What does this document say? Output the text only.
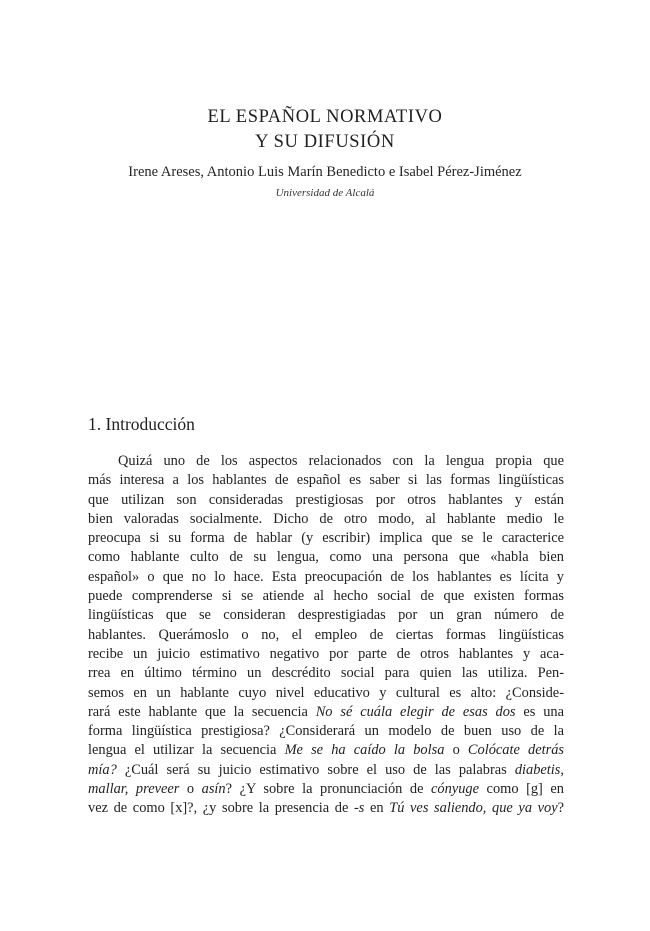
EL ESPAÑOL NORMATIVO
Y SU DIFUSIÓN
Irene Areses, Antonio Luis Marín Benedicto e Isabel Pérez-Jiménez
Universidad de Alcalá
1. Introducción
Quizá uno de los aspectos relacionados con la lengua propia que
más interesa a los hablantes de español es saber si las formas lingüísticas
que utilizan son consideradas prestigiosas por otros hablantes y están
bien valoradas socialmente. Dicho de otro modo, al hablante medio le
preocupa si su forma de hablar (y escribir) implica que se le caracterice
como hablante culto de su lengua, como una persona que «habla bien
español» o que no lo hace. Esta preocupación de los hablantes es lícita y
puede comprenderse si se atiende al hecho social de que existen formas
lingüísticas que se consideran desprestigiadas por un gran número de
hablantes. Querámoslo o no, el empleo de ciertas formas lingüísticas
recibe un juicio estimativo negativo por parte de otros hablantes y aca-
rrea en último término un descrédito social para quien las utiliza. Pen-
semos en un hablante cuyo nivel educativo y cultural es alto: ¿Conside-
rará este hablante que la secuencia No sé cuála elegir de esas dos es una
forma lingüística prestigiosa? ¿Considerará un modelo de buen uso de la
lengua el utilizar la secuencia Me se ha caído la bolsa o Colócate detrás
mía? ¿Cuál será su juicio estimativo sobre el uso de las palabras diabetis,
mallar, preveer o asín? ¿Y sobre la pronunciación de cónyuge como [g] en
vez de como [x]?, ¿y sobre la presencia de -s en Tú ves saliendo, que ya voy?
